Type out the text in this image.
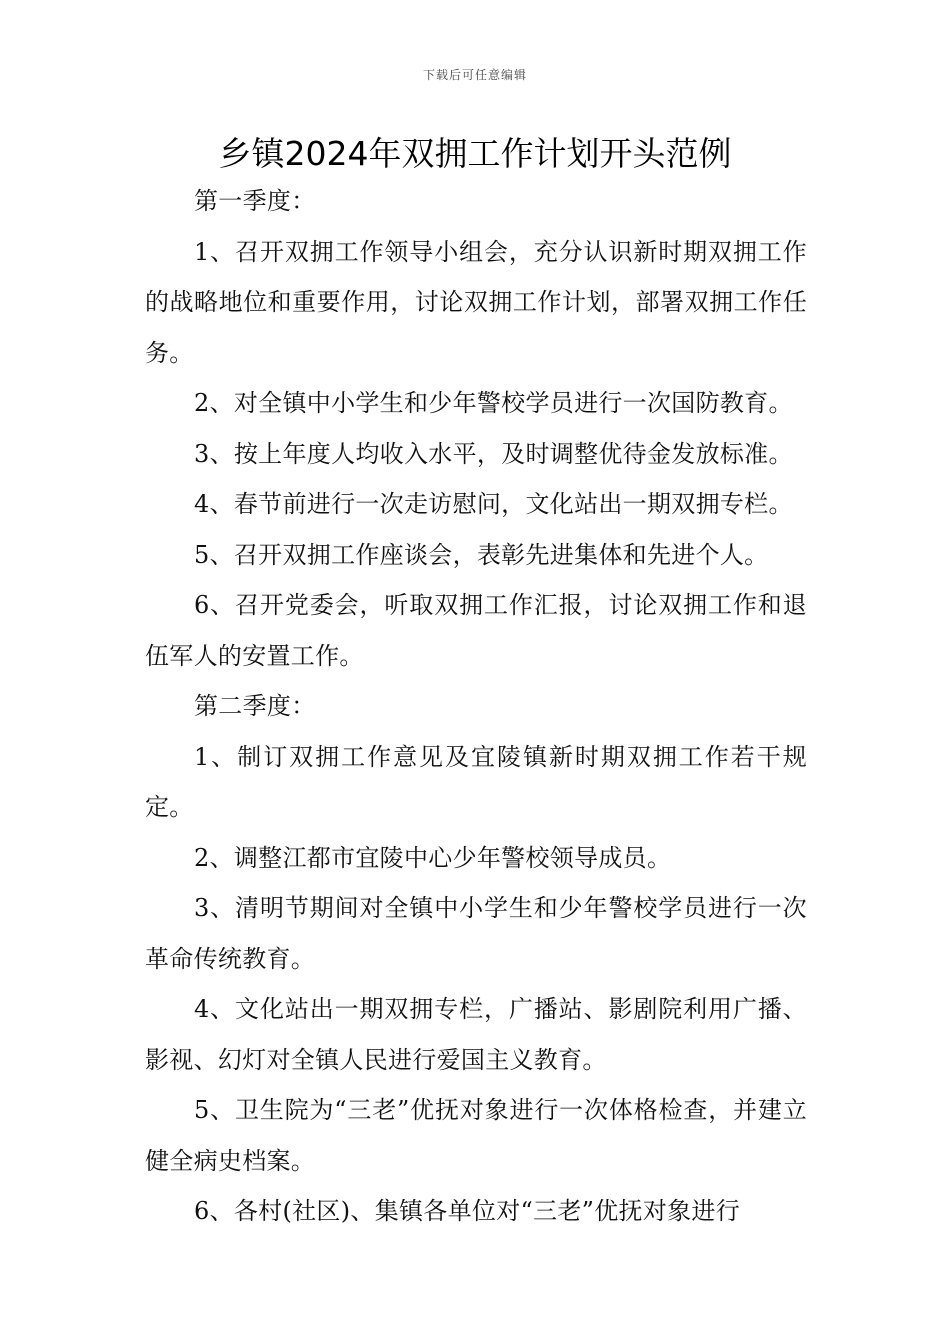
下载后可任意编辑
乡镇2024年双拥工作计划开头范例

第一季度：

1、召开双拥工作领导小组会，充分认识新时期双拥工作的战略地位和重要作用，讨论双拥工作计划，部署双拥工作任务。

2、对全镇中小学生和少年警校学员进行一次国防教育。

3、按上年度人均收入水平，及时调整优待金发放标准。

4、春节前进行一次走访慰问，文化站出一期双拥专栏。

5、召开双拥工作座谈会，表彰先进集体和先进个人。

6、召开党委会，听取双拥工作汇报，讨论双拥工作和退伍军人的安置工作。

第二季度：

1、制订双拥工作意见及宜陵镇新时期双拥工作若干规定。

2、调整江都市宜陵中心少年警校领导成员。

3、清明节期间对全镇中小学生和少年警校学员进行一次革命传统教育。

4、文化站出一期双拥专栏，广播站、影剧院利用广播、影视、幻灯对全镇人民进行爱国主义教育。

5、卫生院为“三老”优抚对象进行一次体格检查，并建立健全病史档案。

6、各村(社区)、集镇各单位对“三老”优抚对象进行
